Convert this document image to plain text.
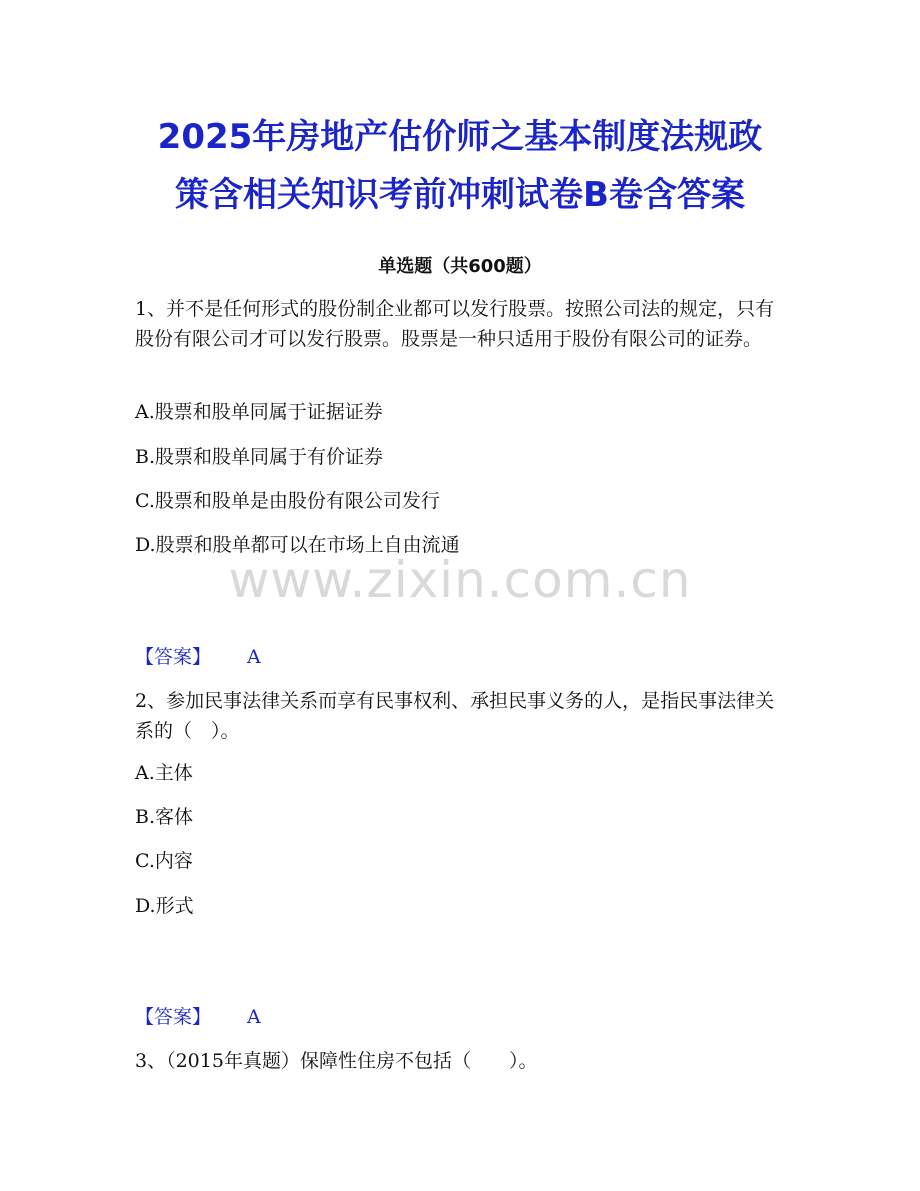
2025年房地产估价师之基本制度法规政
策含相关知识考前冲刺试卷B卷含答案
单选题（共600题）
1、并不是任何形式的股份制企业都可以发行股票。按照公司法的规定，只有股份有限公司才可以发行股票。股票是一种只适用于股份有限公司的证券。
A.股票和股单同属于证据证券
B.股票和股单同属于有价证券
C.股票和股单是由股份有限公司发行
D.股票和股单都可以在市场上自由流通
www.zixin.com.cn
【答案】 A
2、参加民事法律关系而享有民事权利、承担民事义务的人，是指民事法律关系的（　）。
A.主体
B.客体
C.内容
D.形式
【答案】 A
3、（2015年真题）保障性住房不包括（　　）。
